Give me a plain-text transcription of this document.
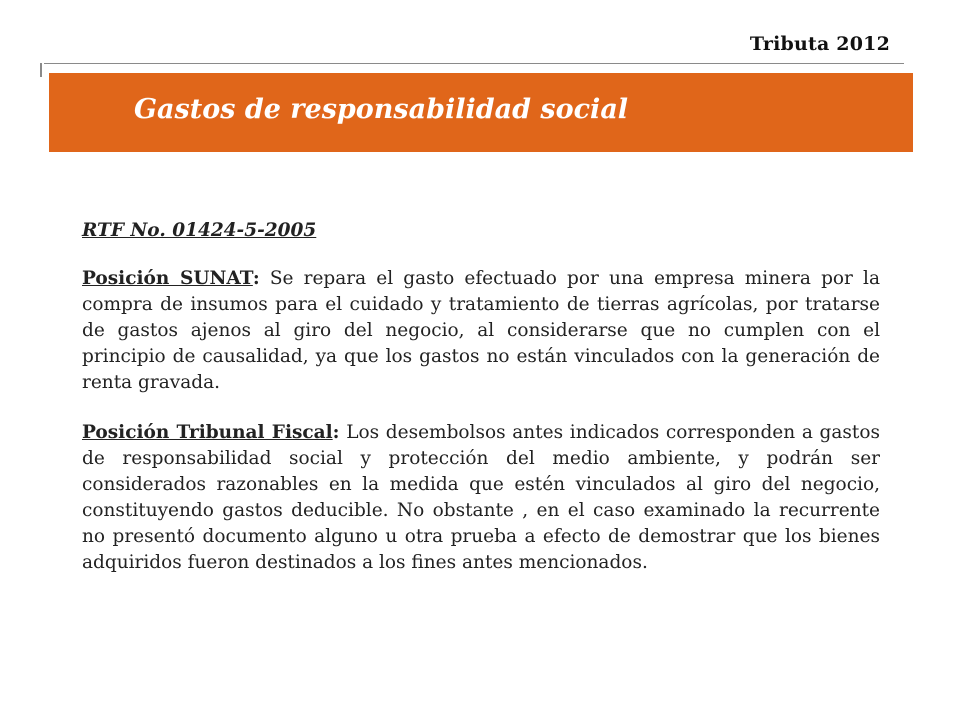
Tributa 2012
Gastos de responsabilidad social

RTF No. 01424-5-2005

Posición SUNAT: Se repara el gasto efectuado por una empresa minera por la compra de insumos para el cuidado y tratamiento de tierras agrícolas, por tratarse de gastos ajenos al giro del negocio, al considerarse que no cumplen con el principio de causalidad, ya que los gastos no están vinculados con la generación de renta gravada.

Posición Tribunal Fiscal: Los desembolsos antes indicados corresponden a gastos de responsabilidad social y protección del medio ambiente, y podrán ser considerados razonables en la medida que estén vinculados al giro del negocio, constituyendo gastos deducible. No obstante , en el caso examinado la recurrente no presentó documento alguno u otra prueba a efecto de demostrar que los bienes adquiridos fueron destinados a los fines antes mencionados.
